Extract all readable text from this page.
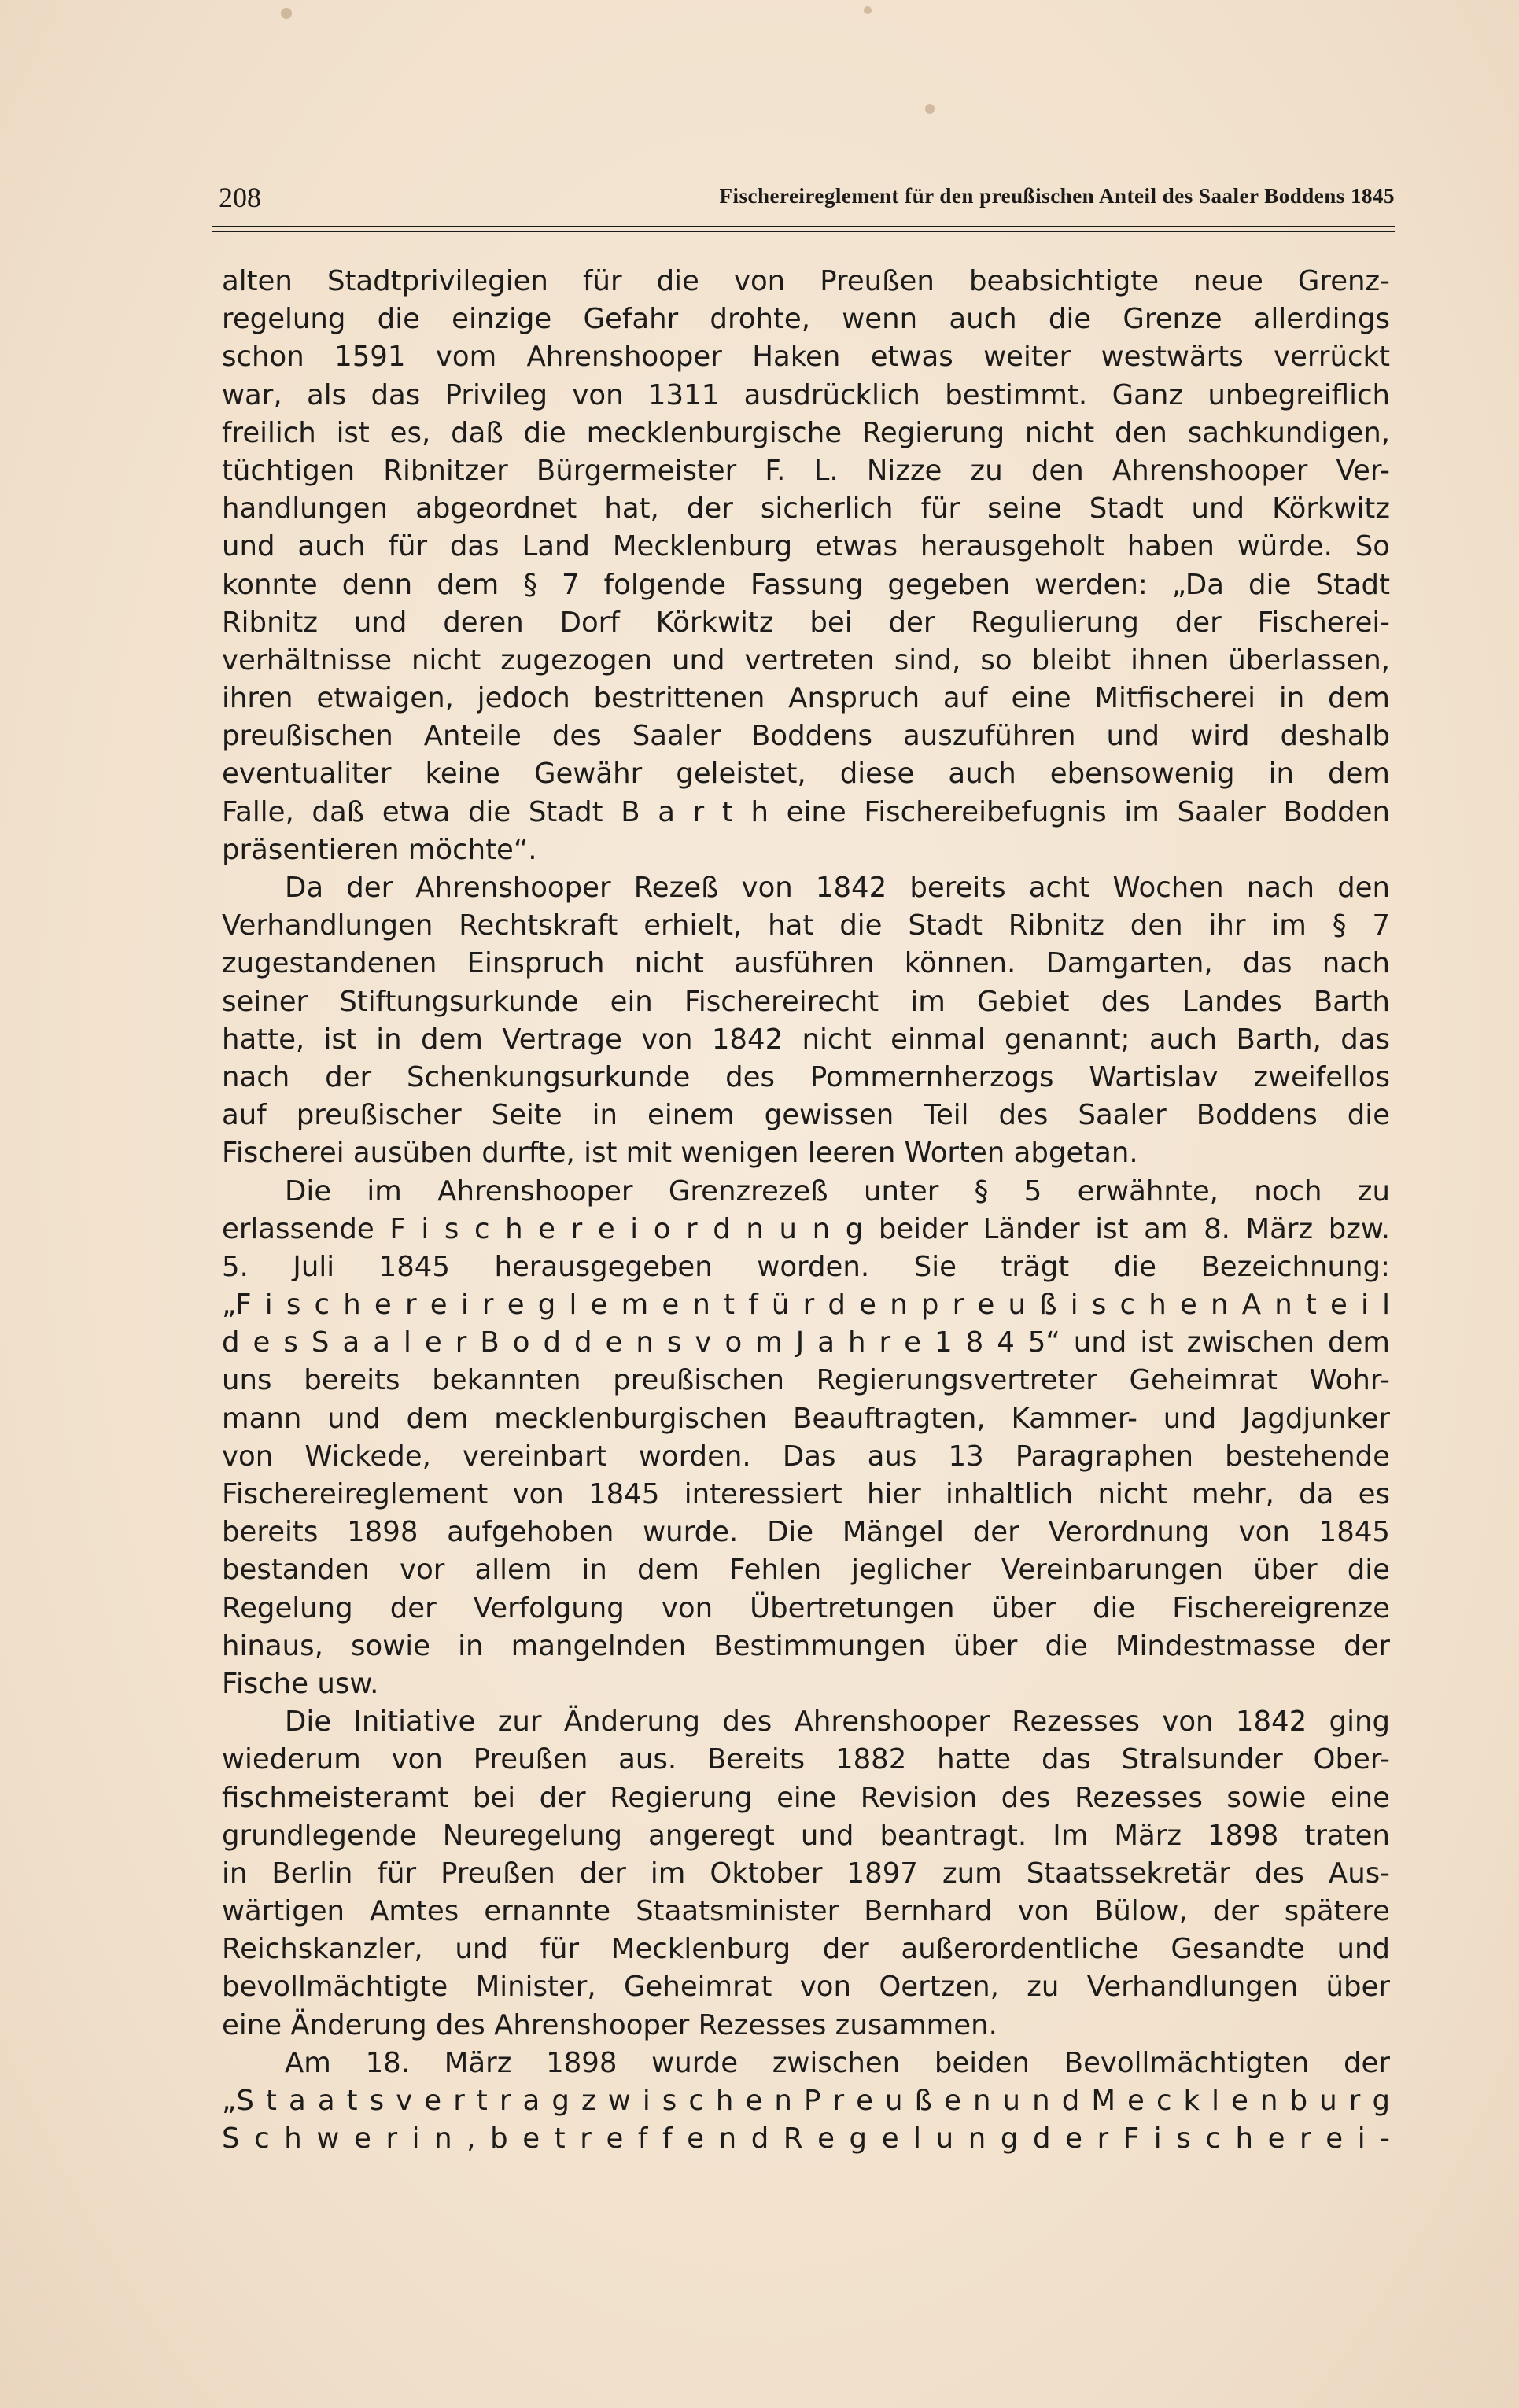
208	Fischereireglement für den preußischen Anteil des Saaler Boddens 1845
alten Stadtprivilegien für die von Preußen beabsichtigte neue Grenz-
regelung die einzige Gefahr drohte, wenn auch die Grenze allerdings
schon 1591 vom Ahrenshooper Haken etwas weiter westwärts verrückt
war, als das Privileg von 1311 ausdrücklich bestimmt. Ganz unbegreiflich
freilich ist es, daß die mecklenburgische Regierung nicht den sachkundigen,
tüchtigen Ribnitzer Bürgermeister F. L. Nizze zu den Ahrenshooper Ver-
handlungen abgeordnet hat, der sicherlich für seine Stadt und Körkwitz
und auch für das Land Mecklenburg etwas herausgeholt haben würde. So
konnte denn dem § 7 folgende Fassung gegeben werden: „Da die Stadt
Ribnitz und deren Dorf Körkwitz bei der Regulierung der Fischerei-
verhältnisse nicht zugezogen und vertreten sind, so bleibt ihnen überlassen,
ihren etwaigen, jedoch bestrittenen Anspruch auf eine Mitfischerei in dem
preußischen Anteile des Saaler Boddens auszuführen und wird deshalb
eventualiter keine Gewähr geleistet, diese auch ebensowenig in dem
Falle, daß etwa die Stadt B a r t h eine Fischereibefugnis im Saaler Bodden
präsentieren möchte“.
Da der Ahrenshooper Rezeß von 1842 bereits acht Wochen nach den
Verhandlungen Rechtskraft erhielt, hat die Stadt Ribnitz den ihr im § 7
zugestandenen Einspruch nicht ausführen können. Damgarten, das nach
seiner Stiftungsurkunde ein Fischereirecht im Gebiet des Landes Barth
hatte, ist in dem Vertrage von 1842 nicht einmal genannt; auch Barth, das
nach der Schenkungsurkunde des Pommernherzogs Wartislav zweifellos
auf preußischer Seite in einem gewissen Teil des Saaler Boddens die
Fischerei ausüben durfte, ist mit wenigen leeren Worten abgetan.
Die im Ahrenshooper Grenzrezeß unter § 5 erwähnte, noch zu
erlassende F i s c h e r e i o r d n u n g beider Länder ist am 8. März bzw.
5. Juli 1845 herausgegeben worden. Sie trägt die Bezeichnung:
„F i s c h e r e i r e g l e m e n t f ü r d e n p r e u ß i s c h e n A n t e i l
d e s S a a l e r B o d d e n s v o m J a h r e 1 8 4 5“ und ist zwischen dem
uns bereits bekannten preußischen Regierungsvertreter Geheimrat Wohr-
mann und dem mecklenburgischen Beauftragten, Kammer- und Jagdjunker
von Wickede, vereinbart worden. Das aus 13 Paragraphen bestehende
Fischereireglement von 1845 interessiert hier inhaltlich nicht mehr, da es
bereits 1898 aufgehoben wurde. Die Mängel der Verordnung von 1845
bestanden vor allem in dem Fehlen jeglicher Vereinbarungen über die
Regelung der Verfolgung von Übertretungen über die Fischereigrenze
hinaus, sowie in mangelnden Bestimmungen über die Mindestmasse der
Fische usw.
Die Initiative zur Änderung des Ahrenshooper Rezesses von 1842 ging
wiederum von Preußen aus. Bereits 1882 hatte das Stralsunder Ober-
fischmeisteramt bei der Regierung eine Revision des Rezesses sowie eine
grundlegende Neuregelung angeregt und beantragt. Im März 1898 traten
in Berlin für Preußen der im Oktober 1897 zum Staatssekretär des Aus-
wärtigen Amtes ernannte Staatsminister Bernhard von Bülow, der spätere
Reichskanzler, und für Mecklenburg der außerordentliche Gesandte und
bevollmächtigte Minister, Geheimrat von Oertzen, zu Verhandlungen über
eine Änderung des Ahrenshooper Rezesses zusammen.
Am 18. März 1898 wurde zwischen beiden Bevollmächtigten der
„S t a a t s v e r t r a g z w i s c h e n P r e u ß e n u n d M e c k l e n b u r g
S c h w e r i n , b e t r e f f e n d R e g e l u n g d e r F i s c h e r e i -
